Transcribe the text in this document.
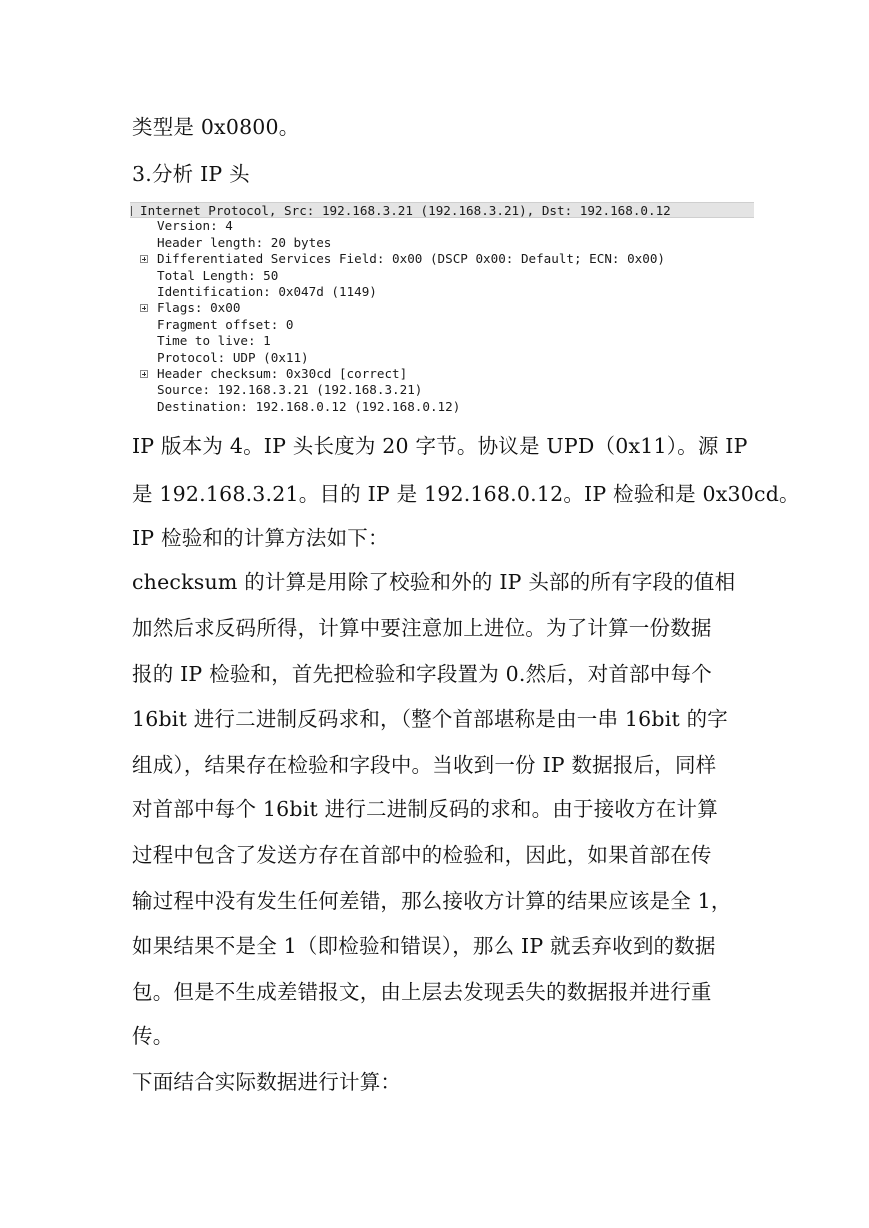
类型是 0x0800。
3.分析 IP 头
Internet Protocol, Src: 192.168.3.21 (192.168.3.21), Dst: 192.168.0.12
Version: 4
Header length: 20 bytes
Differentiated Services Field: 0x00 (DSCP 0x00: Default; ECN: 0x00)
Total Length: 50
Identification: 0x047d (1149)
Flags: 0x00
Fragment offset: 0
Time to live: 1
Protocol: UDP (0x11)
Header checksum: 0x30cd [correct]
Source: 192.168.3.21 (192.168.3.21)
Destination: 192.168.0.12 (192.168.0.12)
IP 版本为 4。IP 头长度为 20 字节。协议是 UPD（0x11）。源 IP
是 192.168.3.21。目的 IP 是 192.168.0.12。IP 检验和是 0x30cd。
IP 检验和的计算方法如下：
checksum 的计算是用除了校验和外的 IP 头部的所有字段的值相
加然后求反码所得，计算中要注意加上进位。为了计算一份数据
报的 IP 检验和，首先把检验和字段置为 0.然后，对首部中每个
16bit 进行二进制反码求和，（整个首部堪称是由一串 16bit 的字
组成），结果存在检验和字段中。当收到一份 IP 数据报后，同样
对首部中每个 16bit 进行二进制反码的求和。由于接收方在计算
过程中包含了发送方存在首部中的检验和，因此，如果首部在传
输过程中没有发生任何差错，那么接收方计算的结果应该是全 1，
如果结果不是全 1（即检验和错误），那么 IP 就丢弃收到的数据
包。但是不生成差错报文，由上层去发现丢失的数据报并进行重
传。
下面结合实际数据进行计算：
